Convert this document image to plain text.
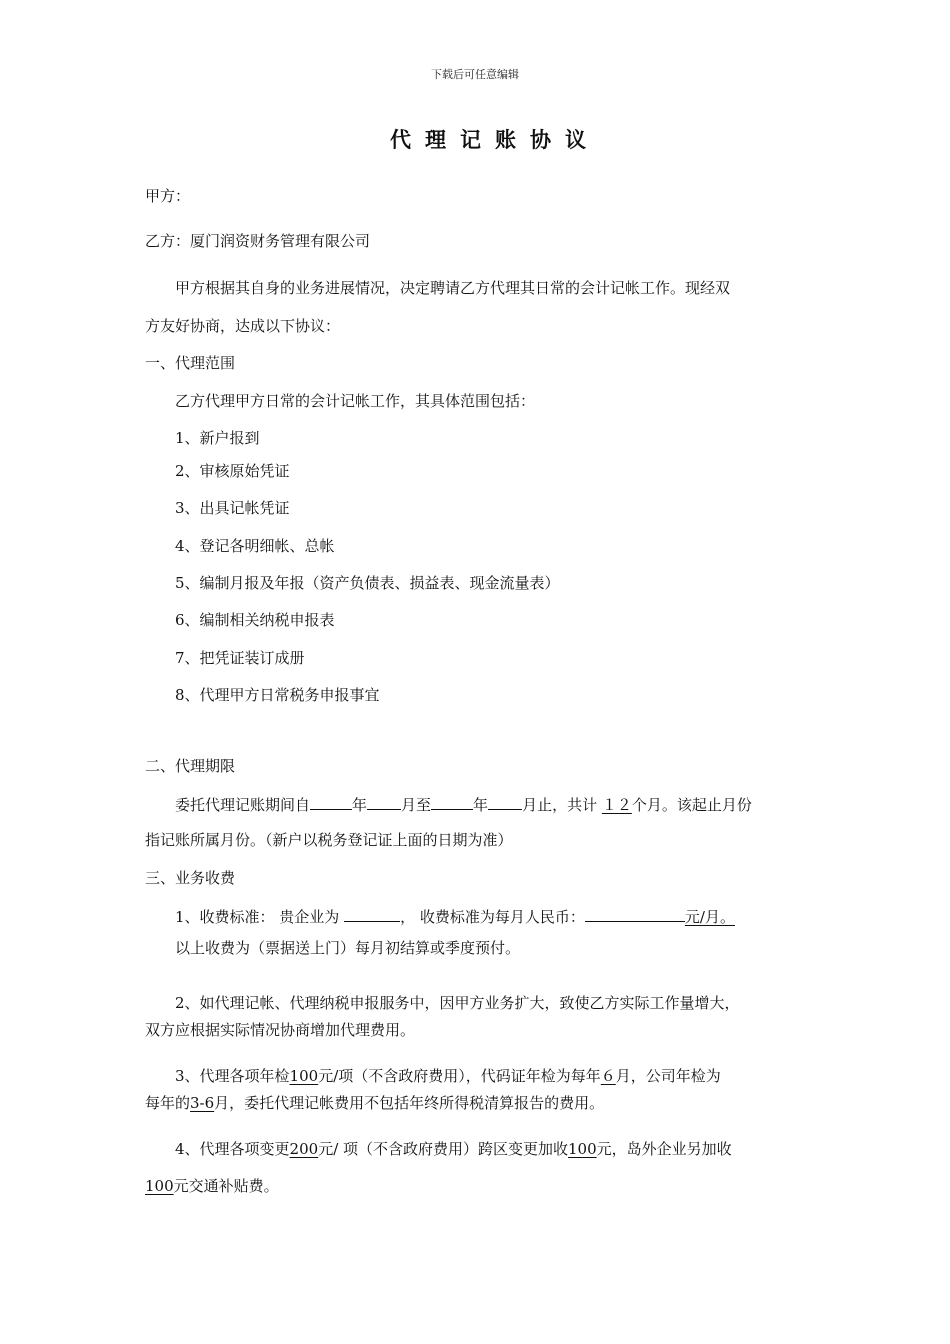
下载后可任意编辑
代理记账协议
甲方：
乙方：厦门润资财务管理有限公司
甲方根据其自身的业务进展情况，决定聘请乙方代理其日常的会计记帐工作。现经双
方友好协商，达成以下协议：
一、代理范围
乙方代理甲方日常的会计记帐工作，其具体范围包括：
1、新户报到
2、审核原始凭证
3、出具记帐凭证
4、登记各明细帐、总帐
5、编制月报及年报（资产负债表、损益表、现金流量表）
6、编制相关纳税申报表
7、把凭证装订成册
8、代理甲方日常税务申报事宜
二、代理期限
委托代理记账期间自	年 月至	年 月止，共计 １２个月。该起止月份
指记账所属月份。（新户以税务登记证上面的日期为准）
三、业务收费
1、收费标准： 贵企业为	， 收费标准为每月人民币：	元/月。
以上收费为（票据送上门）每月初结算或季度预付。
2、如代理记帐、代理纳税申报服务中，因甲方业务扩大，致使乙方实际工作量增大，
双方应根据实际情况协商增加代理费用。
3、代理各项年检100元/项（不含政府费用），代码证年检为每年６月，公司年检为
每年的3-6月，委托代理记帐费用不包括年终所得税清算报告的费用。
4、代理各项变更200元/ 项（不含政府费用）跨区变更加收100元，岛外企业另加收
100元交通补贴费。
